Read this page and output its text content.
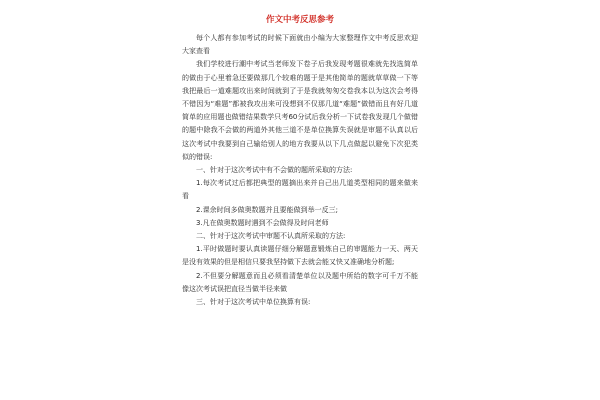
作文中考反思参考

每个人都有参加考试的时候下面就由小编为大家整理作文中考反思欢迎大家查看

我们学校进行潮中考试当老师发下卷子后我发现考题很难就先找选简单的做由于心里着急还要做那几个较难的题于是其他简单的题就草草做一下等我把最后一道难题攻出来时间就到了于是我就匆匆交卷我本以为这次会考得不错因为“难题”都被我攻出来可没想到不仅那几道“难题”做错而且有好几道简单的应用题也做错结果数学只考60分试后我分析一下试卷我发现几个做错的题中除我不会做的两道外其他三道不是单位换算失误就是审题不认真以后这次考试中我要到自己输给别人的地方我要从以下几点做起以避免下次犯类似的错误:

一、针对于这次考试中有不会做的题所采取的方法:

1.每次考试过后都把典型的题摘出来并自己出几道类型相同的题来做来看

2.课余时间多做奥数题并且要能做到举一反三;

3.凡在做奥数题时遇到不会做得及时问老师

二、针对于这次考试中审题不认真所采取的方法:

1.平时做题时要认真读题仔细分解题意锻炼自己的审题能力一天、两天是没有效果的但是相信只要我坚持做下去就会能又快又准确地分析题;

2.不但要分解题意而且必须看清楚单位以及题中所给的数字可千万不能像这次考试误把直径当做半径来做

三、针对于这次考试中单位换算有误:
